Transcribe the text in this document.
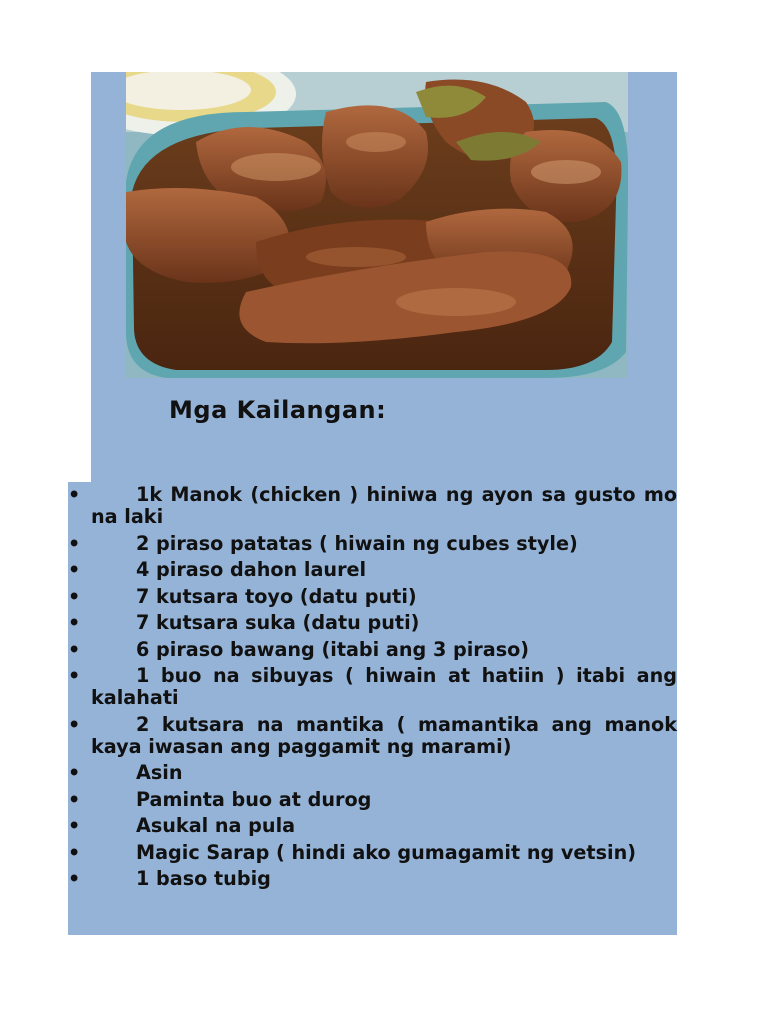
Mga Kailangan:
•	1k Manok (chicken ) hiniwa ng ayon sa gusto mo na laki
•	2 piraso patatas ( hiwain ng cubes style)
•	4 piraso dahon laurel
•	7 kutsara toyo (datu puti)
•	7 kutsara suka (datu puti)
•	6 piraso bawang (itabi ang 3 piraso)
•	1 buo na sibuyas ( hiwain at hatiin ) itabi ang kalahati
•	2 kutsara na mantika ( mamantika ang manok kaya iwasan ang paggamit ng marami)
•	Asin
•	Paminta buo at durog
•	Asukal na pula
•	Magic Sarap ( hindi ako gumagamit ng vetsin)
•	1 baso tubig
